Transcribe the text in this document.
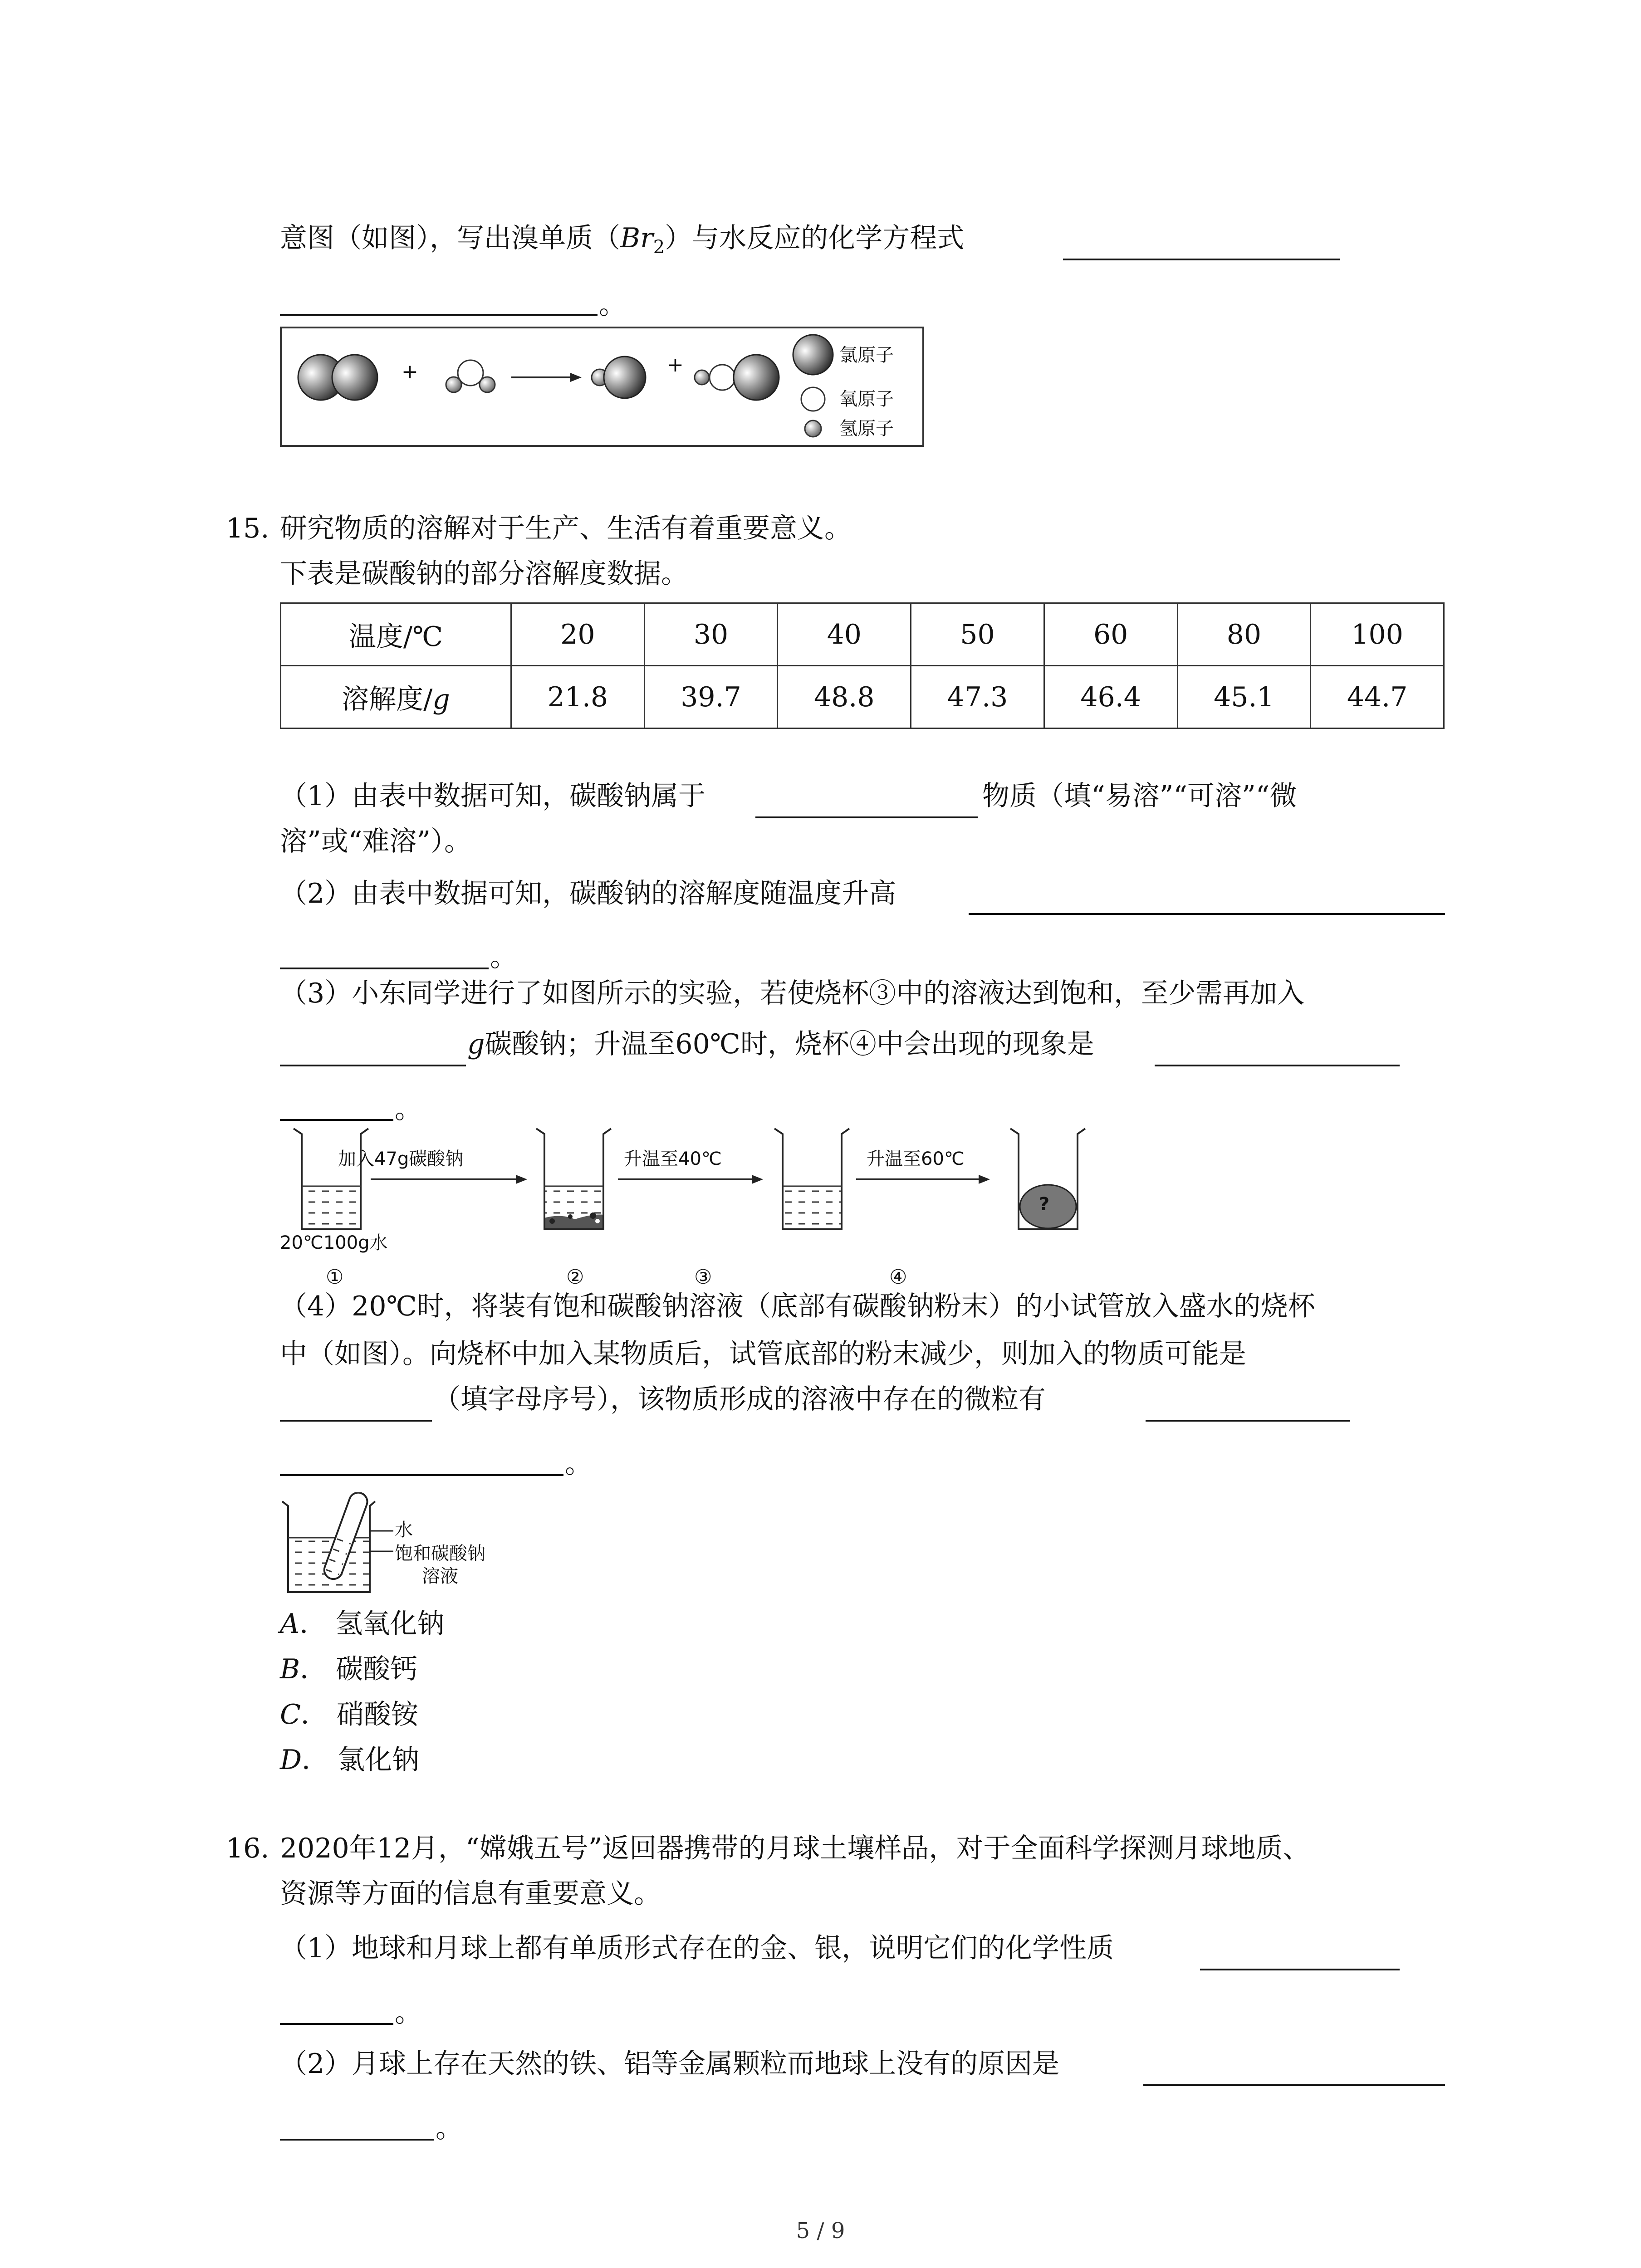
意图（如图），写出溴单质$(Br_2)$与水反应的化学方程式
。
+	+	氯原子
氧原子
氢原子
15. 研究物质的溶解对于生产、生活有着重要意义。
下表是碳酸钠的部分溶解度数据。
温度/℃	20	30	40	50	60	80	100
溶解度/g	21.8	39.7	48.8	47.3	46.4	45.1	44.7
（1）由表中数据可知，碳酸钠属于	物质（填“易溶”“可溶”“微
溶”或“难溶”）。
（2）由表中数据可知，碳酸钠的溶解度随温度升高
。
（3）小东同学进行了如图所示的实验，若使烧杯③中的溶液达到饱和，至少需再加入
g碳酸钠；升温至60℃时，烧杯④中会出现的现象是
。
加入47g碳酸钠	升温至40℃	升温至60℃
?
20℃100g水
①	②	③	④
（4）20℃时，将装有饱和碳酸钠溶液（底部有碳酸钠粉末）的小试管放入盛水的烧杯
中（如图）。向烧杯中加入某物质后，试管底部的粉末减少，则加入的物质可能是
（填字母序号），该物质形成的溶液中存在的微粒有
。
水
饱和碳酸钠
溶液
A． 氢氧化钠
B． 碳酸钙
C． 硝酸铵
D． 氯化钠
16. 2020年12月，“嫦娥五号”返回器携带的月球土壤样品，对于全面科学探测月球地质、
资源等方面的信息有重要意义。
（1）地球和月球上都有单质形式存在的金、银，说明它们的化学性质
。
（2）月球上存在天然的铁、铝等金属颗粒而地球上没有的原因是
。
5 / 9
